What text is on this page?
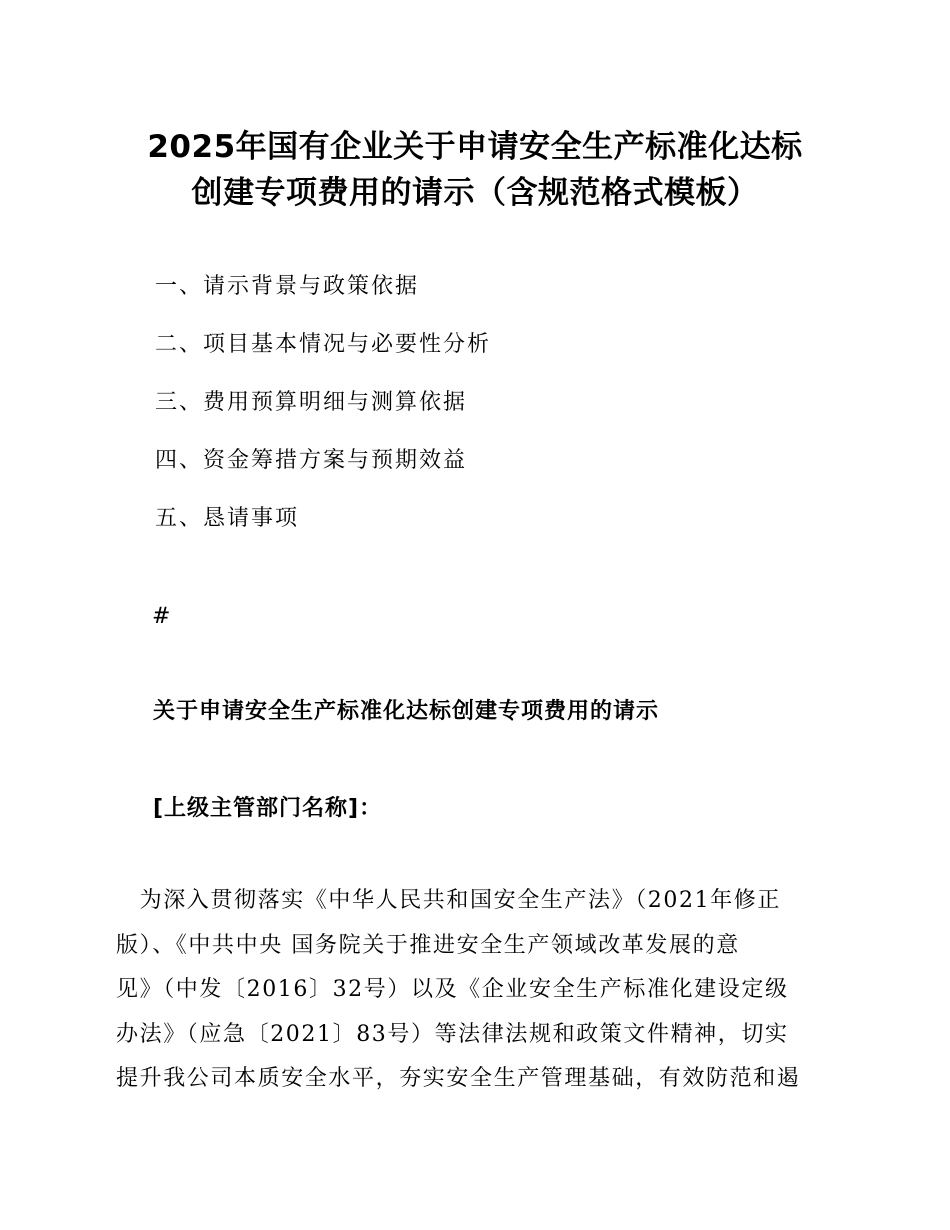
2025年国有企业关于申请安全生产标准化达标
创建专项费用的请示（含规范格式模板）
一、请示背景与政策依据
二、项目基本情况与必要性分析
三、费用预算明细与测算依据
四、资金筹措方案与预期效益
五、恳请事项
#
关于申请安全生产标准化达标创建专项费用的请示
[上级主管部门名称]：
　为深入贯彻落实《中华人民共和国安全生产法》（2021年修正
版）、《中共中央 国务院关于推进安全生产领域改革发展的意
见》（中发〔2016〕32号）以及《企业安全生产标准化建设定级
办法》（应急〔2021〕83号）等法律法规和政策文件精神，切实
提升我公司本质安全水平，夯实安全生产管理基础，有效防范和遏
